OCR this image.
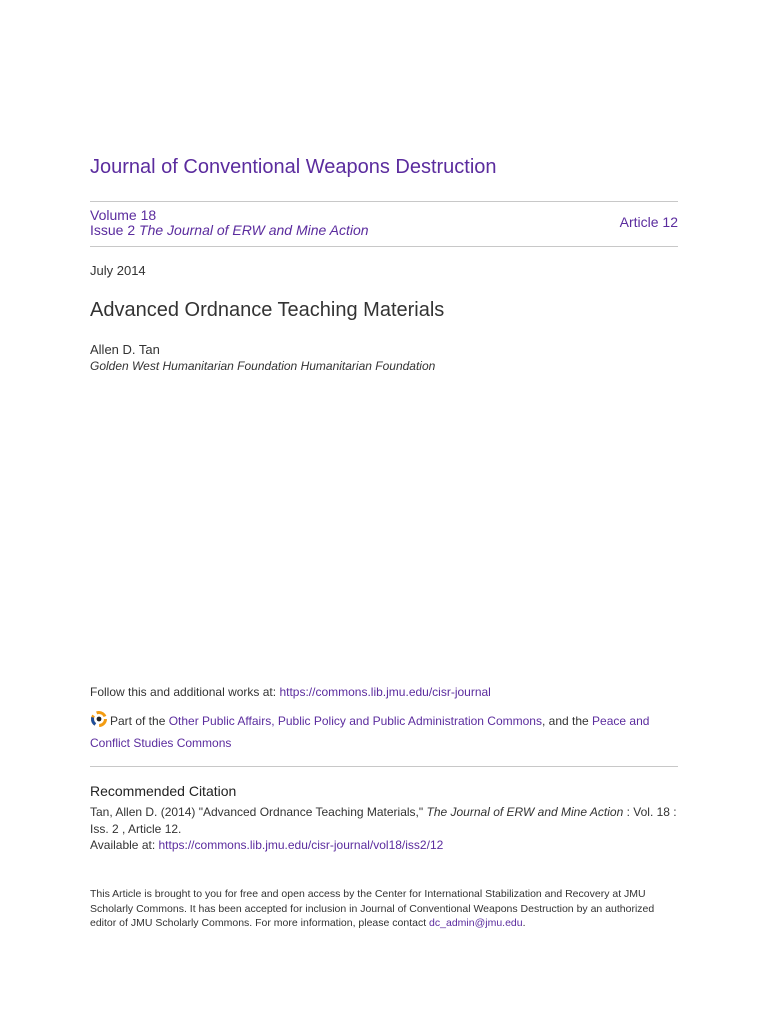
Journal of Conventional Weapons Destruction
Volume 18
Issue 2 The Journal of ERW and Mine Action	Article 12
July 2014
Advanced Ordnance Teaching Materials
Allen D. Tan
Golden West Humanitarian Foundation Humanitarian Foundation
Follow this and additional works at: https://commons.lib.jmu.edu/cisr-journal
Part of the Other Public Affairs, Public Policy and Public Administration Commons, and the Peace and Conflict Studies Commons
Recommended Citation
Tan, Allen D. (2014) "Advanced Ordnance Teaching Materials," The Journal of ERW and Mine Action : Vol. 18 : Iss. 2 , Article 12.
Available at: https://commons.lib.jmu.edu/cisr-journal/vol18/iss2/12
This Article is brought to you for free and open access by the Center for International Stabilization and Recovery at JMU Scholarly Commons. It has been accepted for inclusion in Journal of Conventional Weapons Destruction by an authorized editor of JMU Scholarly Commons. For more information, please contact dc_admin@jmu.edu.
